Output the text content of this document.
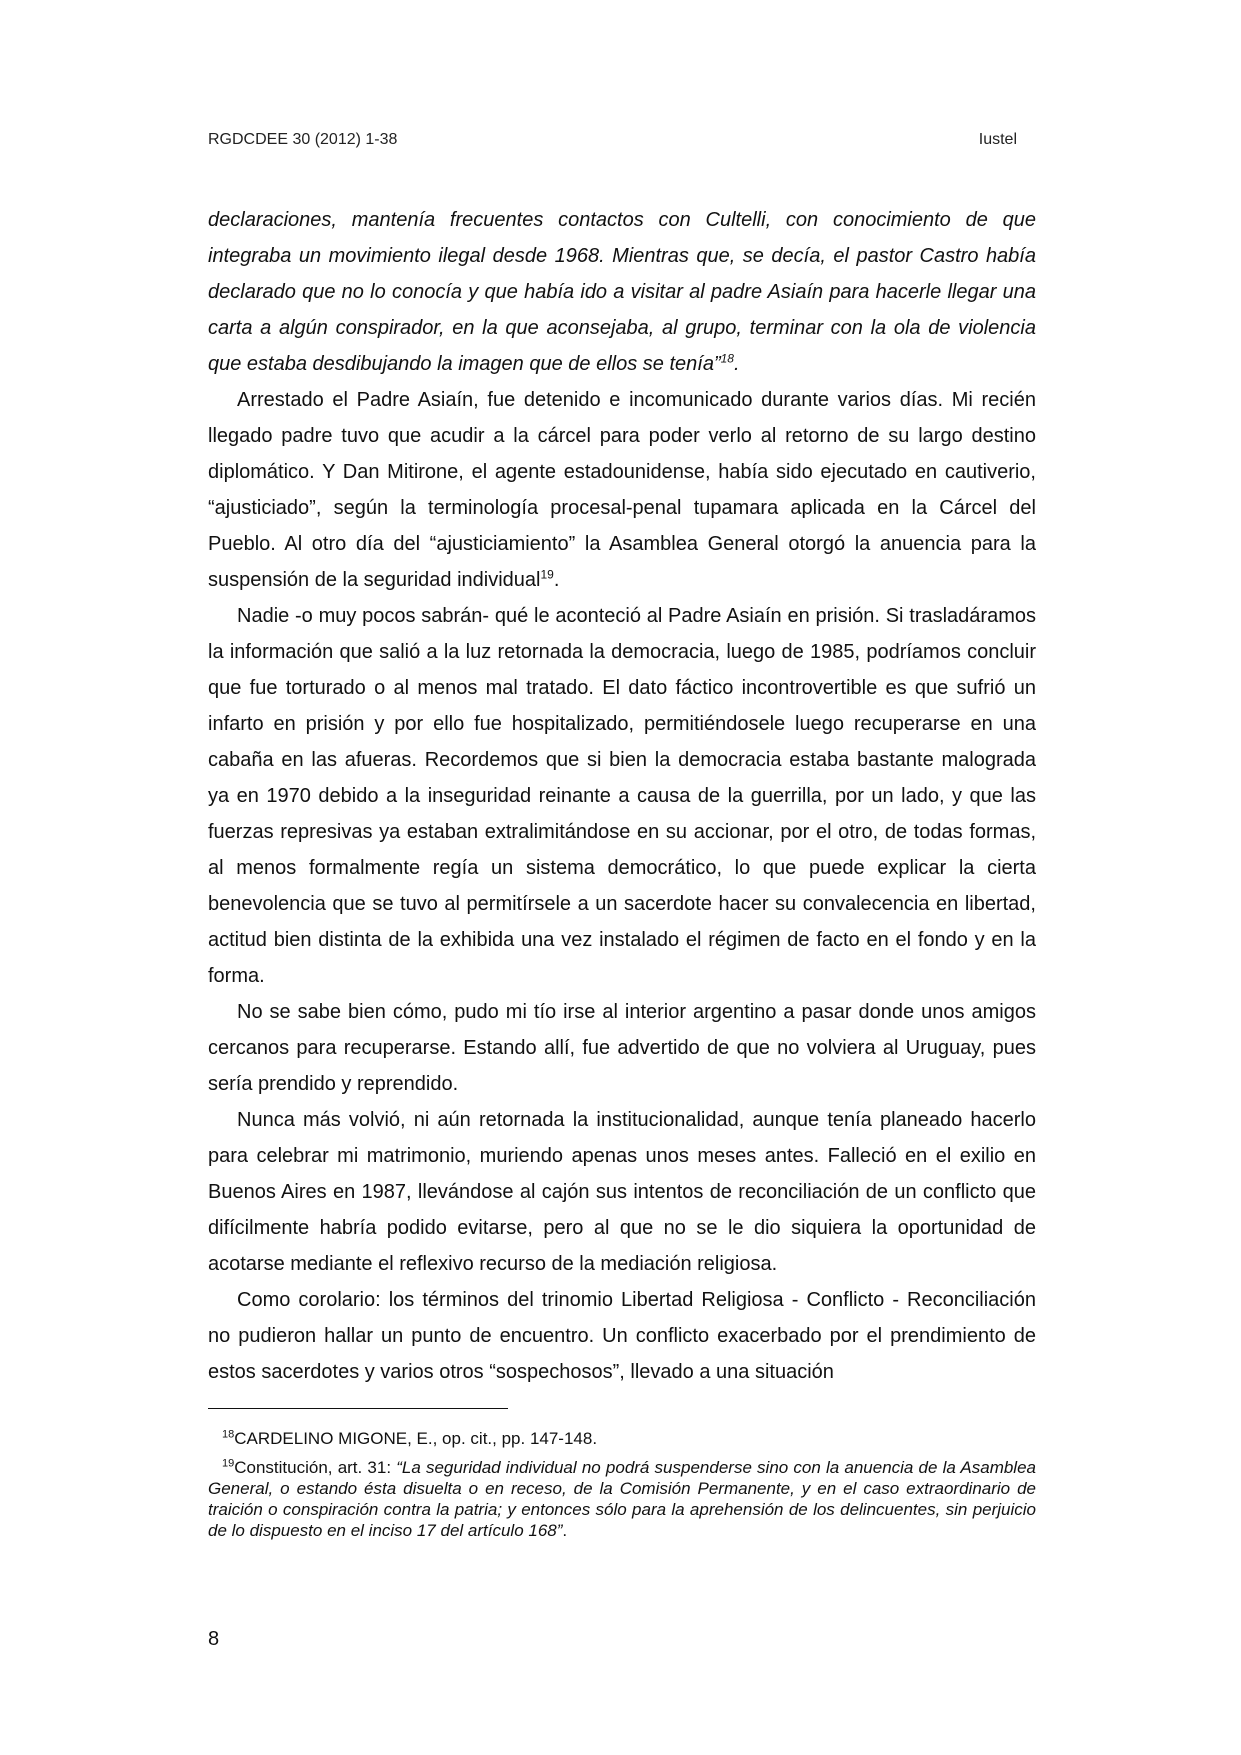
RGDCDEE 30 (2012) 1-38	Iustel

declaraciones, mantenía frecuentes contactos con Cultelli, con conocimiento de que integraba un movimiento ilegal desde 1968. Mientras que, se decía, el pastor Castro había declarado que no lo conocía y que había ido a visitar al padre Asiaín para hacerle llegar una carta a algún conspirador, en la que aconsejaba, al grupo, terminar con la ola de violencia que estaba desdibujando la imagen que de ellos se tenía”$^{18}$.

Arrestado el Padre Asiaín, fue detenido e incomunicado durante varios días. Mi recién llegado padre tuvo que acudir a la cárcel para poder verlo al retorno de su largo destino diplomático. Y Dan Mitirone, el agente estadounidense, había sido ejecutado en cautiverio, “ajusticiado”, según la terminología procesal-penal tupamara aplicada en la Cárcel del Pueblo. Al otro día del “ajusticiamiento” la Asamblea General otorgó la anuencia para la suspensión de la seguridad individual$^{19}$.

Nadie -o muy pocos sabrán- qué le aconteció al Padre Asiaín en prisión. Si trasladáramos la información que salió a la luz retornada la democracia, luego de 1985, podríamos concluir que fue torturado o al menos mal tratado. El dato fáctico incontrovertible es que sufrió un infarto en prisión y por ello fue hospitalizado, permitiéndosele luego recuperarse en una cabaña en las afueras. Recordemos que si bien la democracia estaba bastante malograda ya en 1970 debido a la inseguridad reinante a causa de la guerrilla, por un lado, y que las fuerzas represivas ya estaban extralimitándose en su accionar, por el otro, de todas formas, al menos formalmente regía un sistema democrático, lo que puede explicar la cierta benevolencia que se tuvo al permitírsele a un sacerdote hacer su convalecencia en libertad, actitud bien distinta de la exhibida una vez instalado el régimen de facto en el fondo y en la forma.

No se sabe bien cómo, pudo mi tío irse al interior argentino a pasar donde unos amigos cercanos para recuperarse. Estando allí, fue advertido de que no volviera al Uruguay, pues sería prendido y reprendido.

Nunca más volvió, ni aún retornada la institucionalidad, aunque tenía planeado hacerlo para celebrar mi matrimonio, muriendo apenas unos meses antes. Falleció en el exilio en Buenos Aires en 1987, llevándose al cajón sus intentos de reconciliación de un conflicto que difícilmente habría podido evitarse, pero al que no se le dio siquiera la oportunidad de acotarse mediante el reflexivo recurso de la mediación religiosa.

Como corolario: los términos del trinomio Libertad Religiosa - Conflicto - Reconciliación no pudieron hallar un punto de encuentro. Un conflicto exacerbado por el prendimiento de estos sacerdotes y varios otros “sospechosos”, llevado a una situación

$^{18}$CARDELINO MIGONE, E., op. cit., pp. 147-148.

$^{19}$Constitución, art. 31: “La seguridad individual no podrá suspenderse sino con la anuencia de la Asamblea General, o estando ésta disuelta o en receso, de la Comisión Permanente, y en el caso extraordinario de traición o conspiración contra la patria; y entonces sólo para la aprehensión de los delincuentes, sin perjuicio de lo dispuesto en el inciso 17 del artículo 168”.

8
